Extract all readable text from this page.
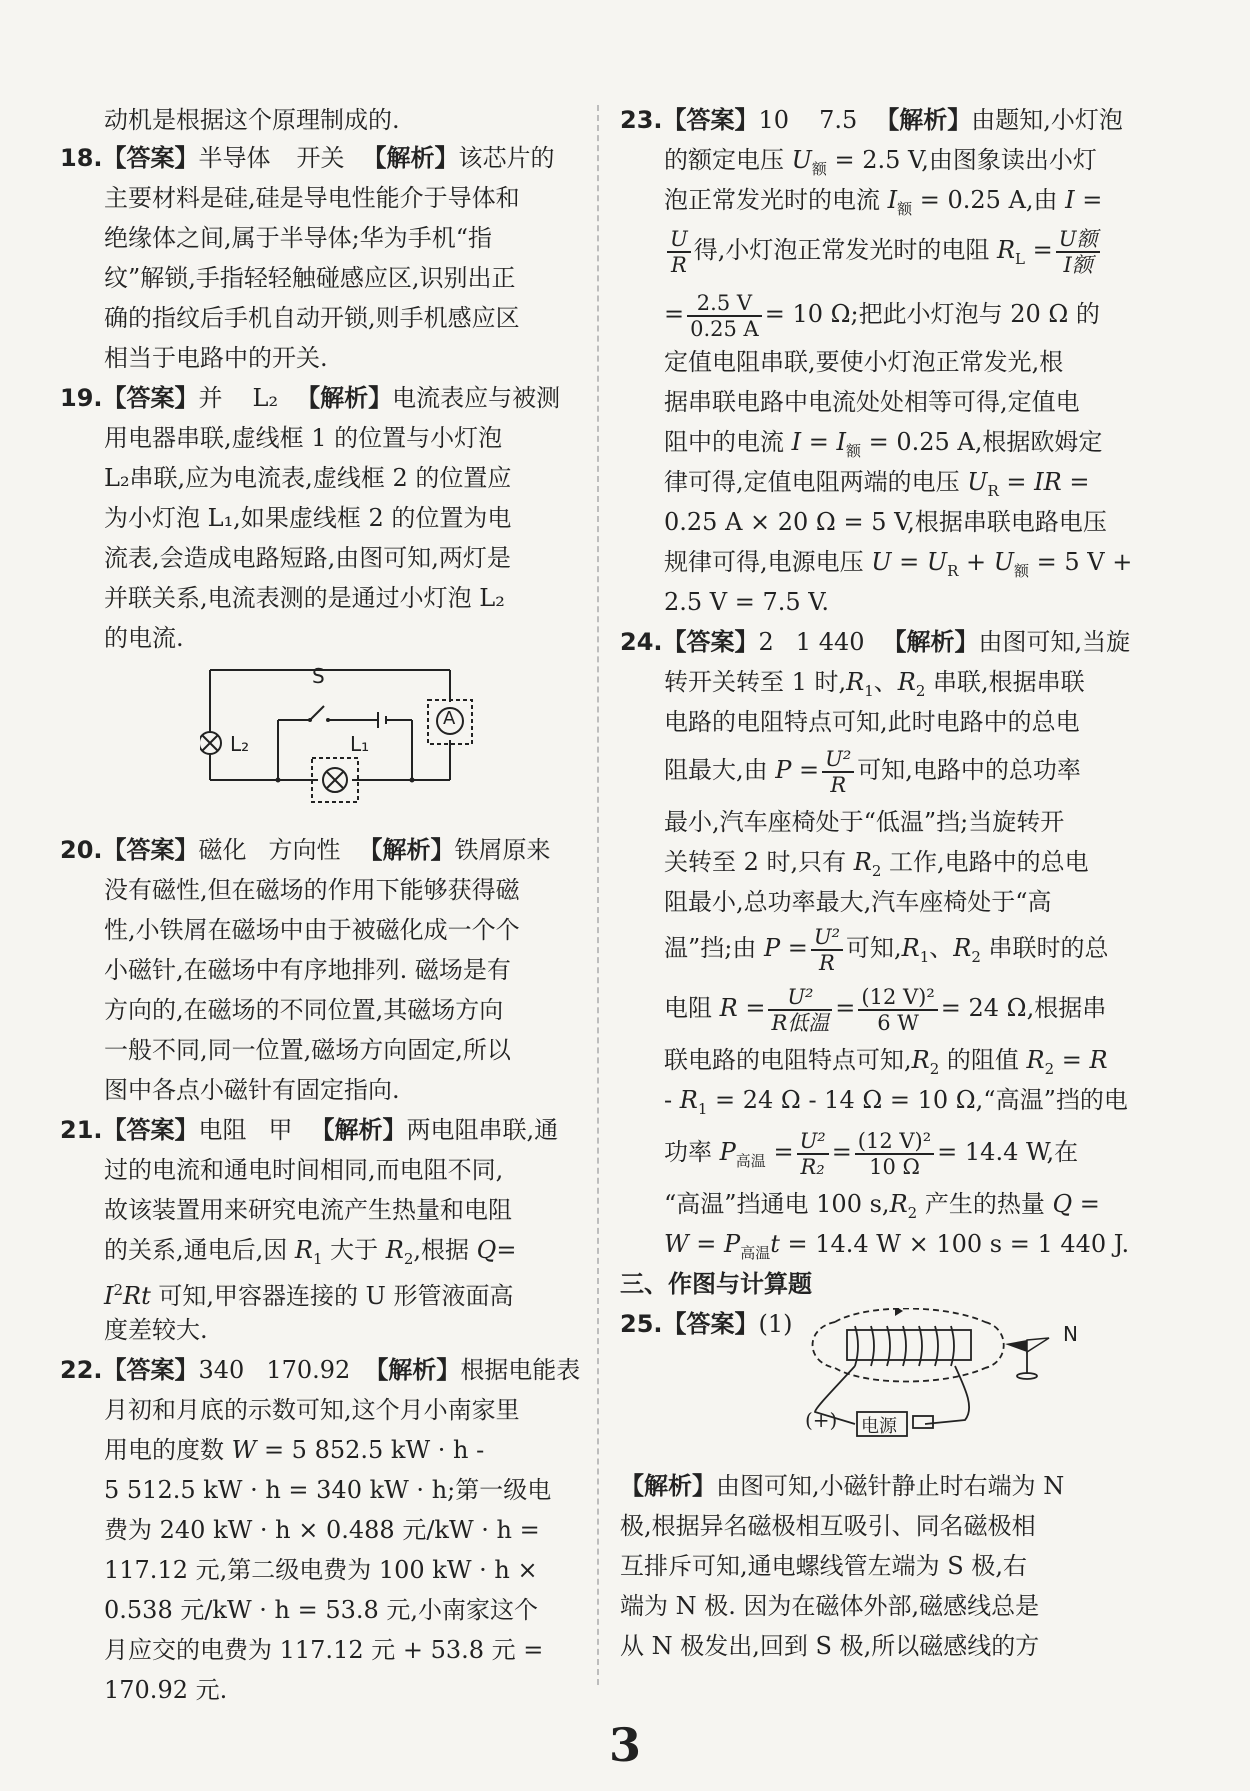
动机是根据这个原理制成的.
18.【答案】半导体 开关 【解析】该芯片的
主要材料是硅,硅是导电性能介于导体和
绝缘体之间,属于半导体;华为手机“指
纹”解锁,手指轻轻触碰感应区,识别出正
确的指纹后手机自动开锁,则手机感应区
相当于电路中的开关.
19.【答案】并 L₂ 【解析】电流表应与被测
用电器串联,虚线框 1 的位置与小灯泡
L₂串联,应为电流表,虚线框 2 的位置应
为小灯泡 L₁,如果虚线框 2 的位置为电
流表,会造成电路短路,由图可知,两灯是
并联关系,电流表测的是通过小灯泡 L₂
的电流.
S
L₁
L₂
A
20.【答案】磁化 方向性 【解析】铁屑原来
没有磁性,但在磁场的作用下能够获得磁
性,小铁屑在磁场中由于被磁化成一个个
小磁针,在磁场中有序地排列. 磁场是有
方向的,在磁场的不同位置,其磁场方向
一般不同,同一位置,磁场方向固定,所以
图中各点小磁针有固定指向.
21.【答案】电阻 甲 【解析】两电阻串联,通
过的电流和通电时间相同,而电阻不同,
故该装置用来研究电流产生热量和电阻
的关系,通电后,因 $R_1$ 大于 $R_2$,根据 Q=
$I^2Rt$ 可知,甲容器连接的 U 形管液面高
度差较大.
22.【答案】340 170.92 【解析】根据电能表
月初和月底的示数可知,这个月小南家里
用电的度数 W = 5 852.5 kW · h -
5 512.5 kW · h = 340 kW · h;第一级电
费为 240 kW · h × 0.488 元/kW · h =
117.12 元,第二级电费为 100 kW · h ×
0.538 元/kW · h = 53.8 元,小南家这个
月应交的电费为 117.12 元 + 53.8 元 =
170.92 元.
23.【答案】10 7.5 【解析】由题知,小灯泡
的额定电压 $U_额 = 2.5$ V,由图象读出小灯
泡正常发光时的电流 $I_额 = 0.25$ A,由 I =
$\frac{U}{R}$ 得,小灯泡正常发光时的电阻 $R_L = \frac{\text{U额}}{\text{I额}}$
= $\frac{2.5 V}{0.25 A} = 10$ Ω;把此小灯泡与 20 Ω 的
定值电阻串联,要使小灯泡正常发光,根
据串联电路中电流处处相等可得,定值电
阻中的电流 $I = I_额 = 0.25$ A,根据欧姆定
律可得,定值电阻两端的电压 $U_R$ = IR =
0.25 A × 20 Ω = 5 V,根据串联电路电压
规律可得,电源电压 $U = U_R + U_额 = 5$ V +
2.5 V = 7.5 V.
24.【答案】2 1 440 【解析】由图可知,当旋
转开关转至 1 时$,R_1$、$R_2$ 串联,根据串联
电路的电阻特点可知,此时电路中的总电
阻最大,由 $P = \frac{\text{U²}}{R}$ 可知,电路中的总功率
最小,汽车座椅处于“低温”挡;当旋转开
关转至 2 时,只有 $R_2$ 工作,电路中的总电
阻最小,总功率最大,汽车座椅处于“高
温”挡;由 $P = \frac{\text{U²}}{R}$ 可知$,R_1$、$R_2$ 串联时的总
电阻 $R = \frac{\text{U²}}{\text{R低温}} = \frac{\text{(12 V)²}}{6 W} = 24$ Ω,根据串
联电路的电阻特点可知$,R_2$ 的阻值 $R_2 = R$
- $R_1 = 24$ Ω - 14 Ω = 10 Ω,“高温”挡的电
功率 $P_{高温} = \frac{\text{U²}}{\text{R₂}} = \frac{\text{(12 V)²}}{10 \Omega} = 14.4$ W,在
“高温”挡通电 100 $s,R_2$ 产生的热量 Q =
$W = P_{高温}t = 14.4$ W × 100 s = 1 440 J.
三、作图与计算题
25.【答案】(1)	N
(+) 电源
【解析】由图可知,小磁针静止时右端为 N
极,根据异名磁极相互吸引、同名磁极相
互排斥可知,通电螺线管左端为 S 极,右
端为 N 极. 因为在磁体外部,磁感线总是
从 N 极发出,回到 S 极,所以磁感线的方
3
